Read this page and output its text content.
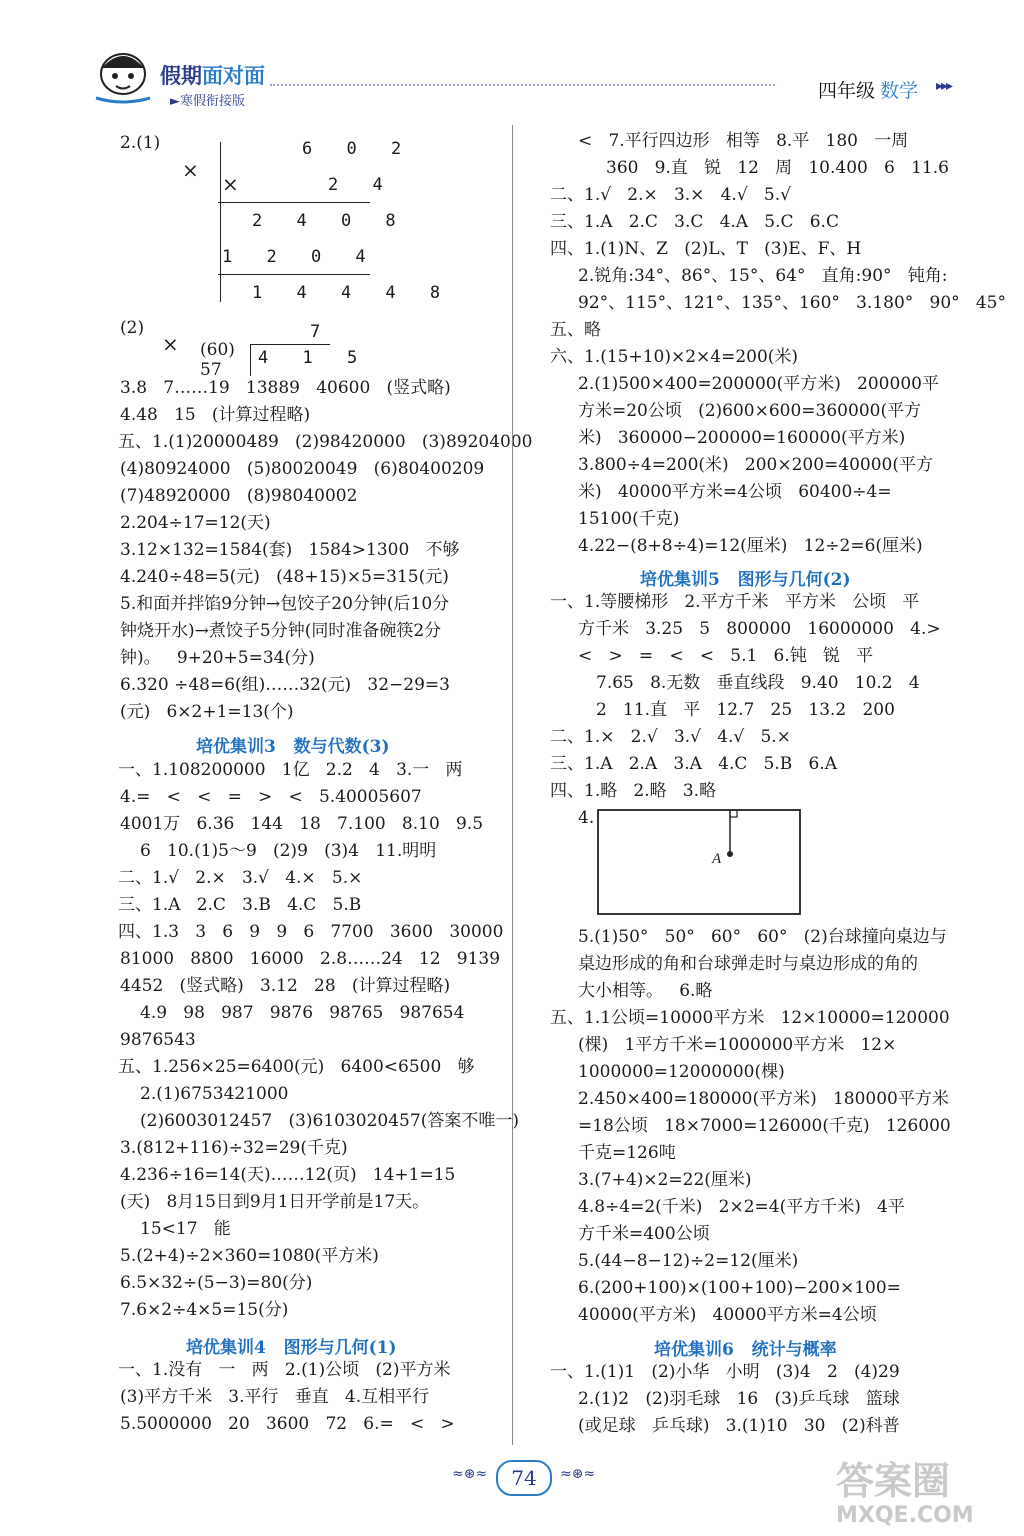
假期面对面
►寒假衔接版	四年级 数学 ▸▸▸
2.(1)
×
6 0 2
×	2 4
2 4 0 8
1 2 0 4
1 4 4 4 8
(2)
×	7
(60) 4 1 5
57
3.8   7……19   13889   40600   (竖式略)
4.48   15   (计算过程略)
五、1.(1)20000489   (2)98420000   (3)89204000
(4)80924000   (5)80020049   (6)80400209
(7)48920000   (8)98040002
2.204÷17=12(天)
3.12×132=1584(套)   1584>1300   不够
4.240÷48=5(元)   (48+15)×5=315(元)
5.和面并拌馅9分钟→包饺子20分钟(后10分
钟烧开水)→煮饺子5分钟(同时准备碗筷2分
钟)。   9+20+5=34(分)
6.320 ÷48=6(组)……32(元)   32−29=3
(元)   6×2+1=13(个)
培优集训3   数与代数(3)
一、1.108200000   1亿   2.2   4   3.一   两
4.=   <   <   =   >   <   5.40005607
4001万   6.36   144   18   7.100   8.10   9.5
6   10.(1)5～9   (2)9   (3)4   11.明明
二、1.√   2.×   3.√   4.×   5.×
三、1.A   2.C   3.B   4.C   5.B
四、1.3   3   6   9   9   6   7700   3600   30000
81000   8800   16000   2.8……24   12   9139
4452   (竖式略)   3.12   28   (计算过程略)
4.9   98   987   9876   98765   987654
9876543
五、1.256×25=6400(元)   6400<6500   够
2.(1)6753421000
(2)6003012457   (3)6103020457(答案不唯一)
3.(812+116)÷32=29(千克)
4.236÷16=14(天)……12(页)   14+1=15
(天)   8月15日到9月1日开学前是17天。
15<17   能
5.(2+4)÷2×360=1080(平方米)
6.5×32÷(5−3)=80(分)
7.6×2÷4×5=15(分)
培优集训4   图形与几何(1)
一、1.没有   一   两   2.(1)公顷   (2)平方米
(3)平方千米   3.平行   垂直   4.互相平行
5.5000000   20   3600   72   6.=   <   >
<   7.平行四边形   相等   8.平   180   一周
360   9.直   锐   12   周   10.400   6   11.6
二、1.√   2.×   3.×   4.√   5.√
三、1.A   2.C   3.C   4.A   5.C   6.C
四、1.(1)N、Z   (2)L、T   (3)E、F、H
2.锐角:34°、86°、15°、64°   直角:90°   钝角:
92°、115°、121°、135°、160°   3.180°   90°   45°
五、略
六、1.(15+10)×2×4=200(米)
2.(1)500×400=200000(平方米)   200000平
方米=20公顷   (2)600×600=360000(平方
米)   360000−200000=160000(平方米)
3.800÷4=200(米)   200×200=40000(平方
米)   40000平方米=4公顷   60400÷4=
15100(千克)
4.22−(8+8÷4)=12(厘米)   12÷2=6(厘米)
培优集训5   图形与几何(2)
一、1.等腰梯形   2.平方千米   平方米   公顷   平
方千米   3.25   5   800000   16000000   4.>
<   >   =   <   <   5.1   6.钝   锐   平
7.65   8.无数   垂直线段   9.40   10.2   4
2   11.直   平   12.7   25   13.2   200
二、1.×   2.√   3.√   4.√   5.×
三、1.A   2.A   3.A   4.C   5.B   6.A
四、1.略   2.略   3.略
4.
A
5.(1)50°   50°   60°   60°   (2)台球撞向桌边与
桌边形成的角和台球弹走时与桌边形成的角的
大小相等。   6.略
五、1.1公顷=10000平方米   12×10000=120000
(棵)   1平方千米=1000000平方米   12×
1000000=12000000(棵)
2.450×400=180000(平方米)   180000平方米
=18公顷   18×7000=126000(千克)   126000
千克=126吨
3.(7+4)×2=22(厘米)
4.8÷4=2(千米)   2×2=4(平方千米)   4平
方千米=400公顷
5.(44−8−12)÷2=12(厘米)
6.(200+100)×(100+100)−200×100=
40000(平方米)   40000平方米=4公顷
培优集训6   统计与概率
一、1.(1)1   (2)小华   小明   (3)4   2   (4)29
2.(1)2   (2)羽毛球   16   (3)乒乓球   篮球
(或足球   乒乓球)   3.(1)10   30   (2)科普
≈⊛≈	74	≈⊛≈	答案圈
MXQE.COM
